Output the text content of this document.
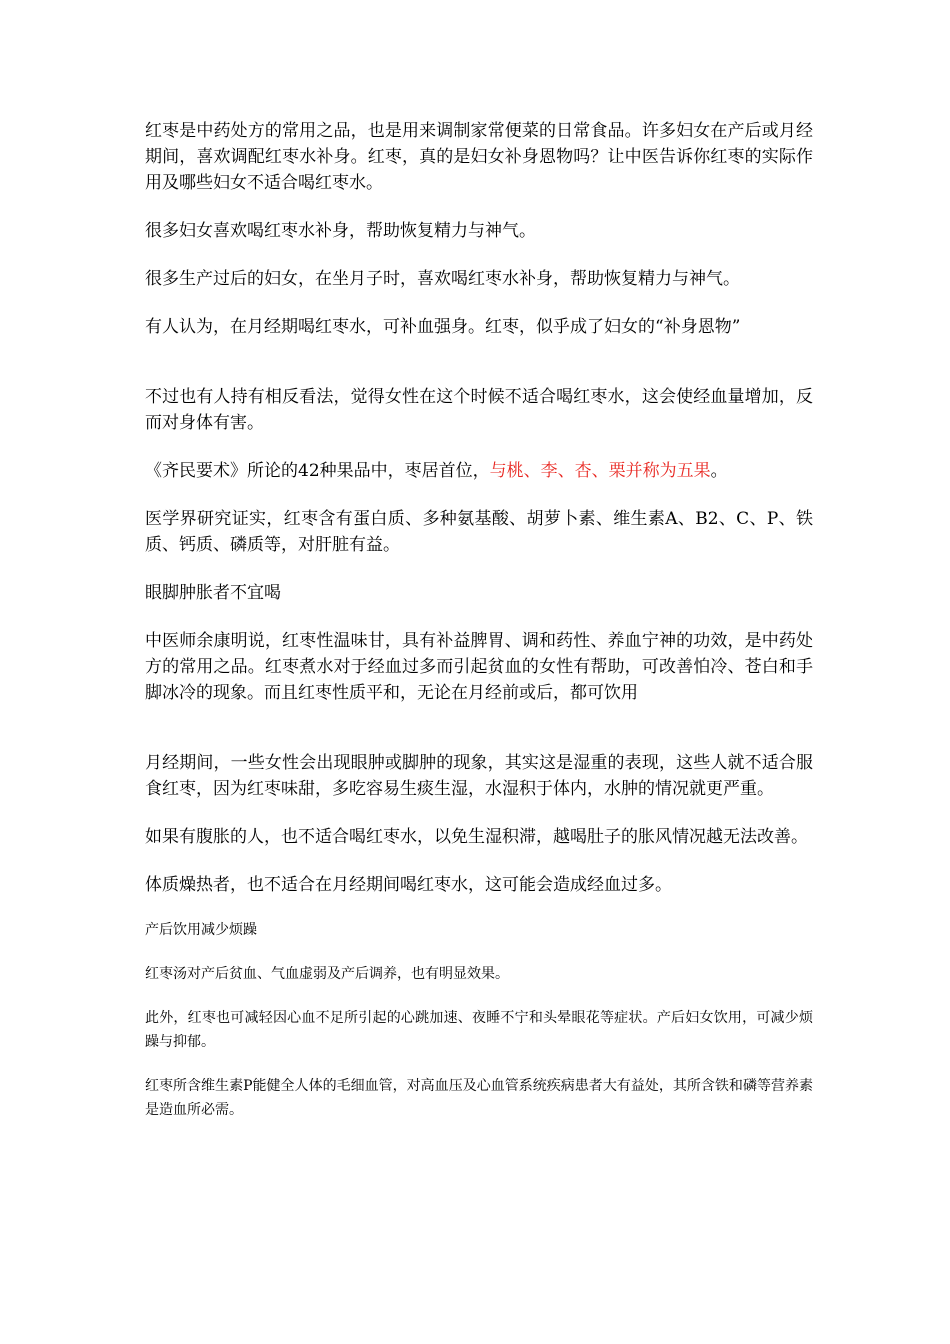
红枣是中药处方的常用之品，也是用来调制家常便菜的日常食品。许多妇女在产后或月经期间，喜欢调配红枣水补身。红枣，真的是妇女补身恩物吗？让中医告诉你红枣的实际作用及哪些妇女不适合喝红枣水。

很多妇女喜欢喝红枣水补身，帮助恢复精力与神气。

很多生产过后的妇女，在坐月子时，喜欢喝红枣水补身，帮助恢复精力与神气。

有人认为，在月经期喝红枣水，可补血强身。红枣，似乎成了妇女的“补身恩物”

不过也有人持有相反看法，觉得女性在这个时候不适合喝红枣水，这会使经血量增加，反而对身体有害。

《齐民要术》所论的42种果品中，枣居首位，与桃、李、杏、栗并称为五果。

医学界研究证实，红枣含有蛋白质、多种氨基酸、胡萝卜素、维生素A、B2、C、P、铁质、钙质、磷质等，对肝脏有益。

眼脚肿胀者不宜喝

中医师余康明说，红枣性温味甘，具有补益脾胃、调和药性、养血宁神的功效，是中药处方的常用之品。红枣煮水对于经血过多而引起贫血的女性有帮助，可改善怕冷、苍白和手脚冰冷的现象。而且红枣性质平和，无论在月经前或后，都可饮用

月经期间，一些女性会出现眼肿或脚肿的现象，其实这是湿重的表现，这些人就不适合服食红枣，因为红枣味甜，多吃容易生痰生湿，水湿积于体内，水肿的情况就更严重。

如果有腹胀的人，也不适合喝红枣水，以免生湿积滞，越喝肚子的胀风情况越无法改善。

体质燥热者，也不适合在月经期间喝红枣水，这可能会造成经血过多。

产后饮用减少烦躁

红枣汤对产后贫血、气血虚弱及产后调养，也有明显效果。

此外，红枣也可减轻因心血不足所引起的心跳加速、夜睡不宁和头晕眼花等症状。产后妇女饮用，可减少烦躁与抑郁。

红枣所含维生素P能健全人体的毛细血管，对高血压及心血管系统疾病患者大有益处，其所含铁和磷等营养素是造血所必需。
